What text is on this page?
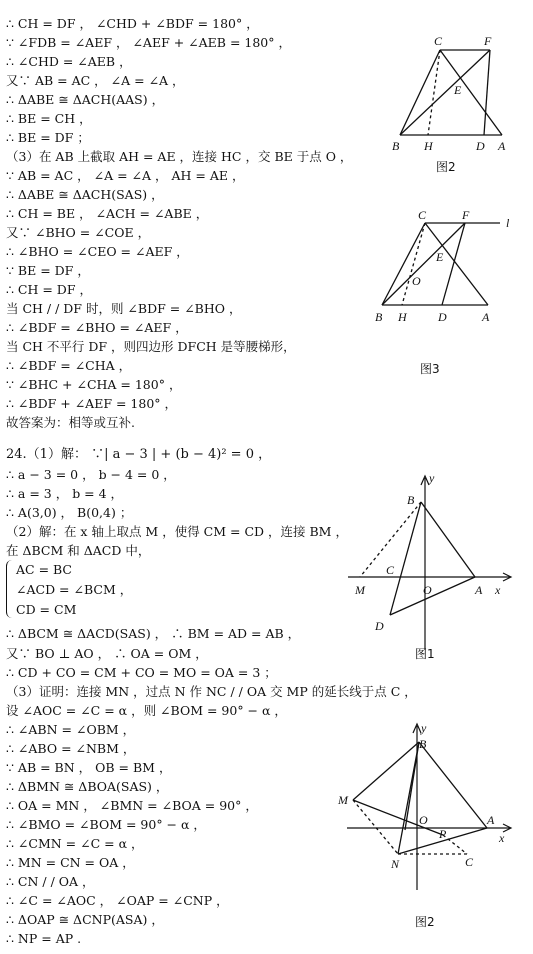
∴ CH = DF ， ∠CHD + ∠BDF = 180° ，
∵ ∠FDB = ∠AEF ， ∠AEF + ∠AEB = 180° ，
∴ ∠CHD = ∠AEB ，
又∵ AB = AC ， ∠A = ∠A ，
∴ ΔABE ≅ ΔACH(AAS) ，
∴ BE = CH ，
∴ BE = DF ；
（3）在 AB 上截取 AH = AE ，连接 HC ，交 BE 于点 O ，
∵ AB = AC ， ∠A = ∠A ， AH = AE ，
∴ ΔABE ≅ ΔACH(SAS) ，
∴ CH = BE ， ∠ACH = ∠ABE ，
又∵ ∠BHO = ∠COE ，
∴ ∠BHO = ∠CEO = ∠AEF ，
∵ BE = DF ，
∴ CH = DF ，
当 CH / / DF 时，则 ∠BDF = ∠BHO ，
∴ ∠BDF = ∠BHO = ∠AEF ，
当 CH 不平行 DF ，则四边形 DFCH 是等腰梯形，
∴ ∠BDF = ∠CHA ，
∵ ∠BHC + ∠CHA = 180° ，
∴ ∠BDF + ∠AEF = 180° ，
故答案为：相等或互补.
24.（1）解： ∵| a − 3 | + (b − 4)² = 0 ，
∴ a − 3 = 0 ， b − 4 = 0 ，
∴ a = 3 ， b = 4 ，
∴ A(3,0) ， B(0,4) ；
（2）解：在 x 轴上取点 M ，使得 CM = CD ，连接 BM ，
在 ΔBCM 和 ΔACD 中，
AC = BC
∠ACD = ∠BCM ，
CD = CM
∴ ΔBCM ≅ ΔACD(SAS) ， ∴ BM = AD = AB ，
又∵ BO ⊥ AO ， ∴ OA = OM ，
∴ CD + CO = CM + CO = MO = OA = 3 ；
（3）证明：连接 MN ，过点 N 作 NC / / OA 交 MP 的延长线于点 C ，
设 ∠AOC = ∠C = α ，则 ∠BOM = 90° − α ，
∴ ∠ABN = ∠OBM ，
∴ ∠ABO = ∠NBM ，
∵ AB = BN ， OB = BM ，
∴ ΔBMN ≅ ΔBOA(SAS) ，
∴ OA = MN ， ∠BMN = ∠BOA = 90° ，
∴ ∠BMO = ∠BOM = 90° − α ，
∴ ∠CMN = ∠C = α ，
∴ MN = CN = OA ，
∴ CN / / OA ，
∴ ∠C = ∠AOC ， ∠OAP = ∠CNP ，
∴ ΔOAP ≅ ΔCNP(ASA) ，
∴ NP = AP .
C	F
E
B H	D A
图2
C	F
l
E
O
B H	D	A
图3
y
B
M
C
O	A x
D
图1
y
B
M
O	A
x
P
N	C
图2
